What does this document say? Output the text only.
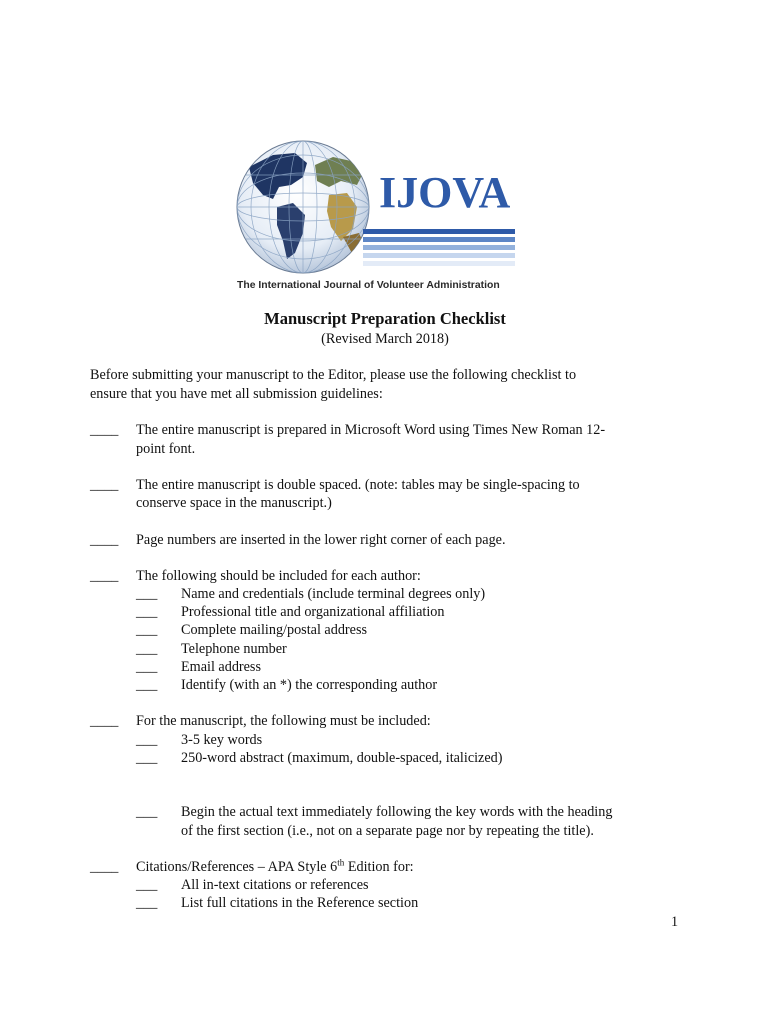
IJOVA
The International Journal of Volunteer Administration
Manuscript Preparation Checklist
(Revised March 2018)
Before submitting your manuscript to the Editor, please use the following checklist to
ensure that you have met all submission guidelines:
____ The entire manuscript is prepared in Microsoft Word using Times New Roman 12-
point font.
____ The entire manuscript is double spaced. (note: tables may be single-spacing to
conserve space in the manuscript.)
____ Page numbers are inserted in the lower right corner of each page.
____ The following should be included for each author:
___ Name and credentials (include terminal degrees only)
___ Professional title and organizational affiliation
___ Complete mailing/postal address
___ Telephone number
___ Email address
___ Identify (with an *) the corresponding author
____ For the manuscript, the following must be included:
___ 3-5 key words
___ 250-word abstract (maximum, double-spaced, italicized)
___ Begin the actual text immediately following the key words with the heading
of the first section (i.e., not on a separate page nor by repeating the title).
____ Citations/References – APA Style 6th Edition for:
___ All in-text citations or references
___ List full citations in the Reference section
1
